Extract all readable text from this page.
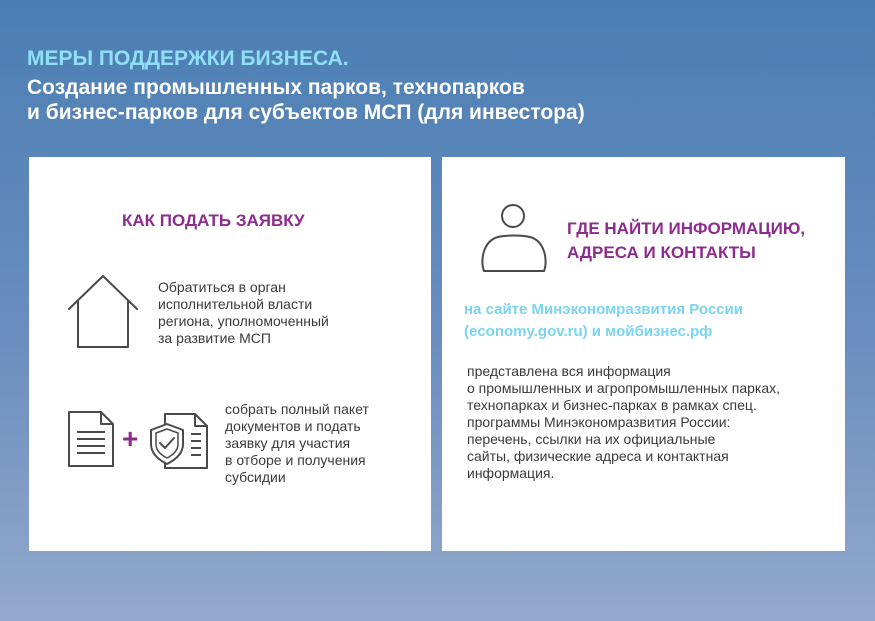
МЕРЫ ПОДДЕРЖКИ БИЗНЕСА.

Создание промышленных парков, технопарков
и бизнес-парков для субъектов МСП (для инвестора)

КАК ПОДАТЬ ЗАЯВКУ

Обратиться в орган
исполнительной власти
региона, уполномоченный
за развитие МСП
+
собрать полный пакет
документов и подать
заявку для участия
в отборе и получения
субсидии
ГДЕ НАЙТИ ИНФОРМАЦИЮ,
АДРЕСА И КОНТАКТЫ
на сайте Минэкономразвития России
(economy.gov.ru) и мойбизнес.рф
представлена вся информация
о промышленных и агропромышленных парках,
технопарках и бизнес-парках в рамках спец.
программы Минэкономразвития России:
перечень, ссылки на их официальные
сайты, физические адреса и контактная
информация.
